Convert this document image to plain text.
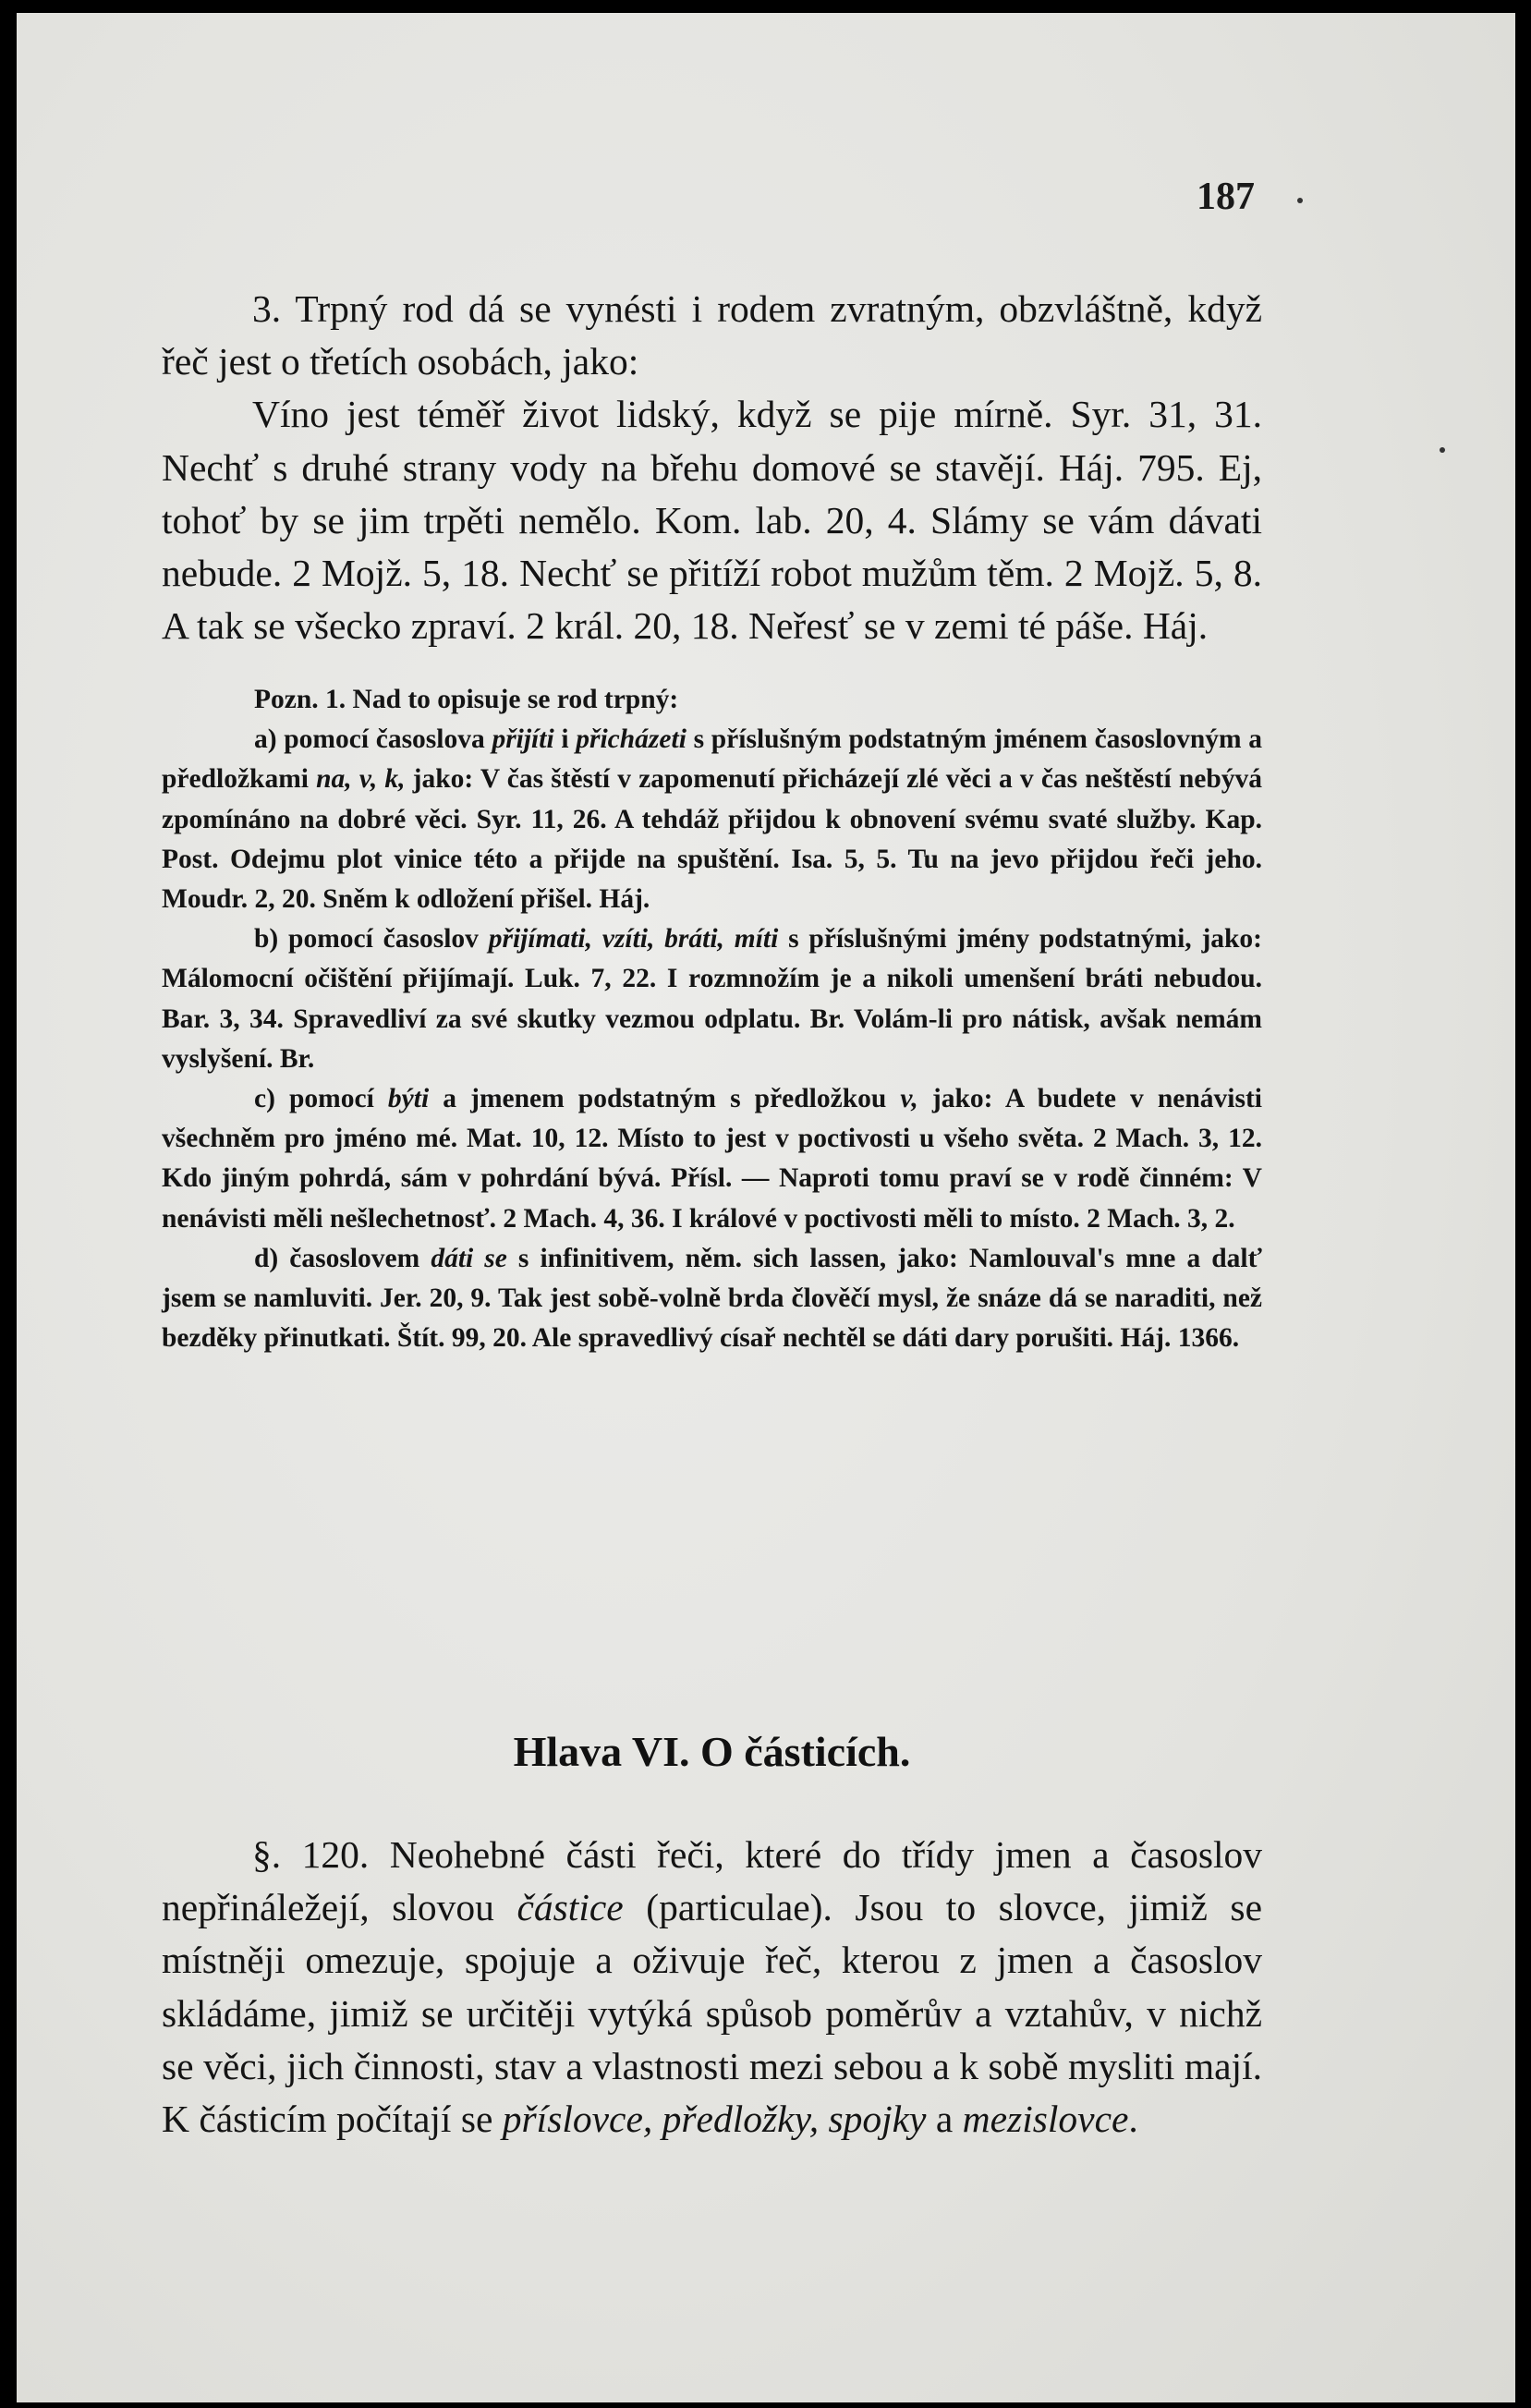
187

3. Trpný rod dá se vynésti i rodem zvratným, obzvláštně, když řeč jest o třetích osobách, jako:

Víno jest téměř život lidský, když se pije mírně. Syr. 31, 31. Nechť s druhé strany vody na břehu domové se stavějí. Háj. 795. Ej, tohoť by se jim trpěti nemělo. Kom. lab. 20, 4. Slámy se vám dávati nebude. 2 Mojž. 5, 18. Nechť se přitíží robot mužům těm. 2 Mojž. 5, 8. A tak se všecko zpraví. 2 král. 20, 18. Neřesť se v zemi té páše. Háj.

Pozn. 1. Nad to opisuje se rod trpný:

a) pomocí časoslova přijíti i přicházeti s příslušným podstatným jménem časoslovným a předložkami na, v, k, jako: V čas štěstí v zapomenutí přicházejí zlé věci a v čas neštěstí nebývá zpomínáno na dobré věci. Syr. 11, 26. A tehdáž přijdou k obnovení svému svaté služby. Kap. Post. Odejmu plot vinice této a přijde na spuštění. Isa. 5, 5. Tu na jevo přijdou řeči jeho. Moudr. 2, 20. Sněm k odložení přišel. Háj.

b) pomocí časoslov přijímati, vzíti, bráti, míti s příslušnými jmény podstatnými, jako: Málomocní očištění přijímají. Luk. 7, 22. I rozmnožím je a nikoli umenšení bráti nebudou. Bar. 3, 34. Spravedliví za své skutky vezmou odplatu. Br. Volám-li pro nátisk, avšak nemám vyslyšení. Br.

c) pomocí býti a jmenem podstatným s předložkou v, jako: A budete v nenávisti všechněm pro jméno mé. Mat. 10, 12. Místo to jest v poctivosti u všeho světa. 2 Mach. 3, 12. Kdo jiným pohrdá, sám v pohrdání bývá. Přísl. — Naproti tomu praví se v rodě činném: V nenávisti měli nešlechetnosť. 2 Mach. 4, 36. I králové v poctivosti měli to místo. 2 Mach. 3, 2.

d) časoslovem dáti se s infinitivem, něm. sich lassen, jako: Namlouval's mne a dalť jsem se namluviti. Jer. 20, 9. Tak jest sobě-volně brda člověčí mysl, že snáze dá se naraditi, než bezděky přinutkati. Štít. 99, 20. Ale spravedlivý císař nechtěl se dáti dary porušiti. Háj. 1366.

Hlava VI. O částicích.

§. 120. Neohebné části řeči, které do třídy jmen a časoslov nepřináležejí, slovou částice (particulae). Jsou to slovce, jimiž se místněji omezuje, spojuje a oživuje řeč, kterou z jmen a časoslov skládáme, jimiž se určitěji vytýká spůsob poměrův a vztahův, v nichž se věci, jich činnosti, stav a vlastnosti mezi sebou a k sobě mysliti mají. K částicím počítají se příslovce, předložky, spojky a mezislovce.
